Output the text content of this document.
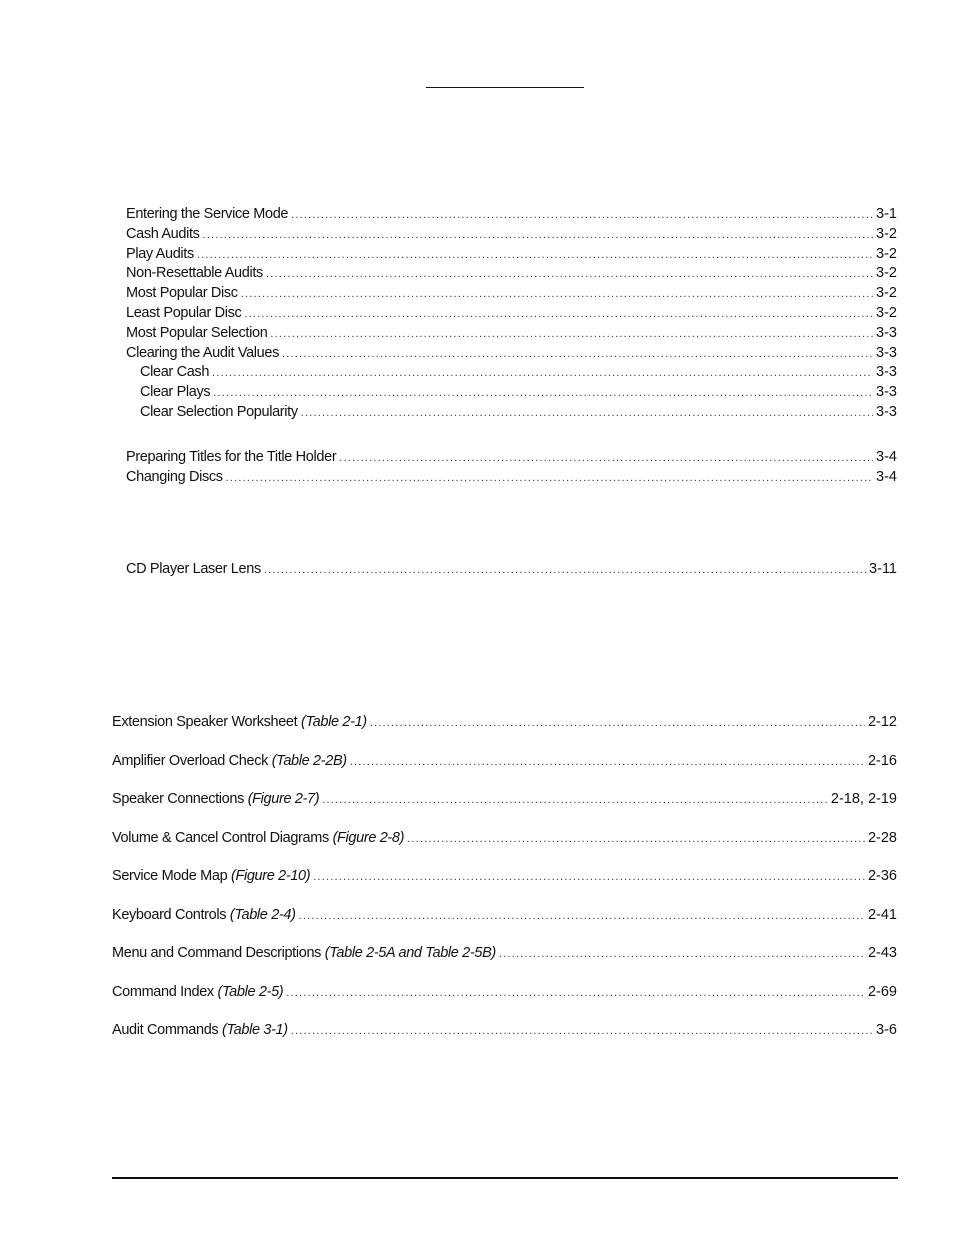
Entering the Service Mode .....	3-1
Cash Audits .....	3-2
Play Audits .....	3-2
Non-Resettable Audits .....	3-2
Most Popular Disc .....	3-2
Least Popular Disc .....	3-2
Most Popular Selection .....	3-3
Clearing the Audit Values .....	3-3
Clear Cash .....	3-3
Clear Plays .....	3-3
Clear Selection Popularity .....	3-3
Preparing Titles for the Title Holder .....	3-4
Changing Discs .....	3-4
CD Player Laser Lens .....	3-11
Extension Speaker Worksheet (Table 2-1) .....	2-12
Amplifier Overload Check (Table 2-2B) .....	2-16
Speaker Connections (Figure 2-7) .....	2-18, 2-19
Volume & Cancel Control Diagrams (Figure 2-8) .....	2-28
Service Mode Map (Figure 2-10) .....	2-36
Keyboard Controls (Table 2-4) .....	2-41
Menu and Command Descriptions (Table 2-5A and Table 2-5B) .....	2-43
Command Index (Table 2-5) .....	2-69
Audit Commands (Table 3-1) .....	3-6
